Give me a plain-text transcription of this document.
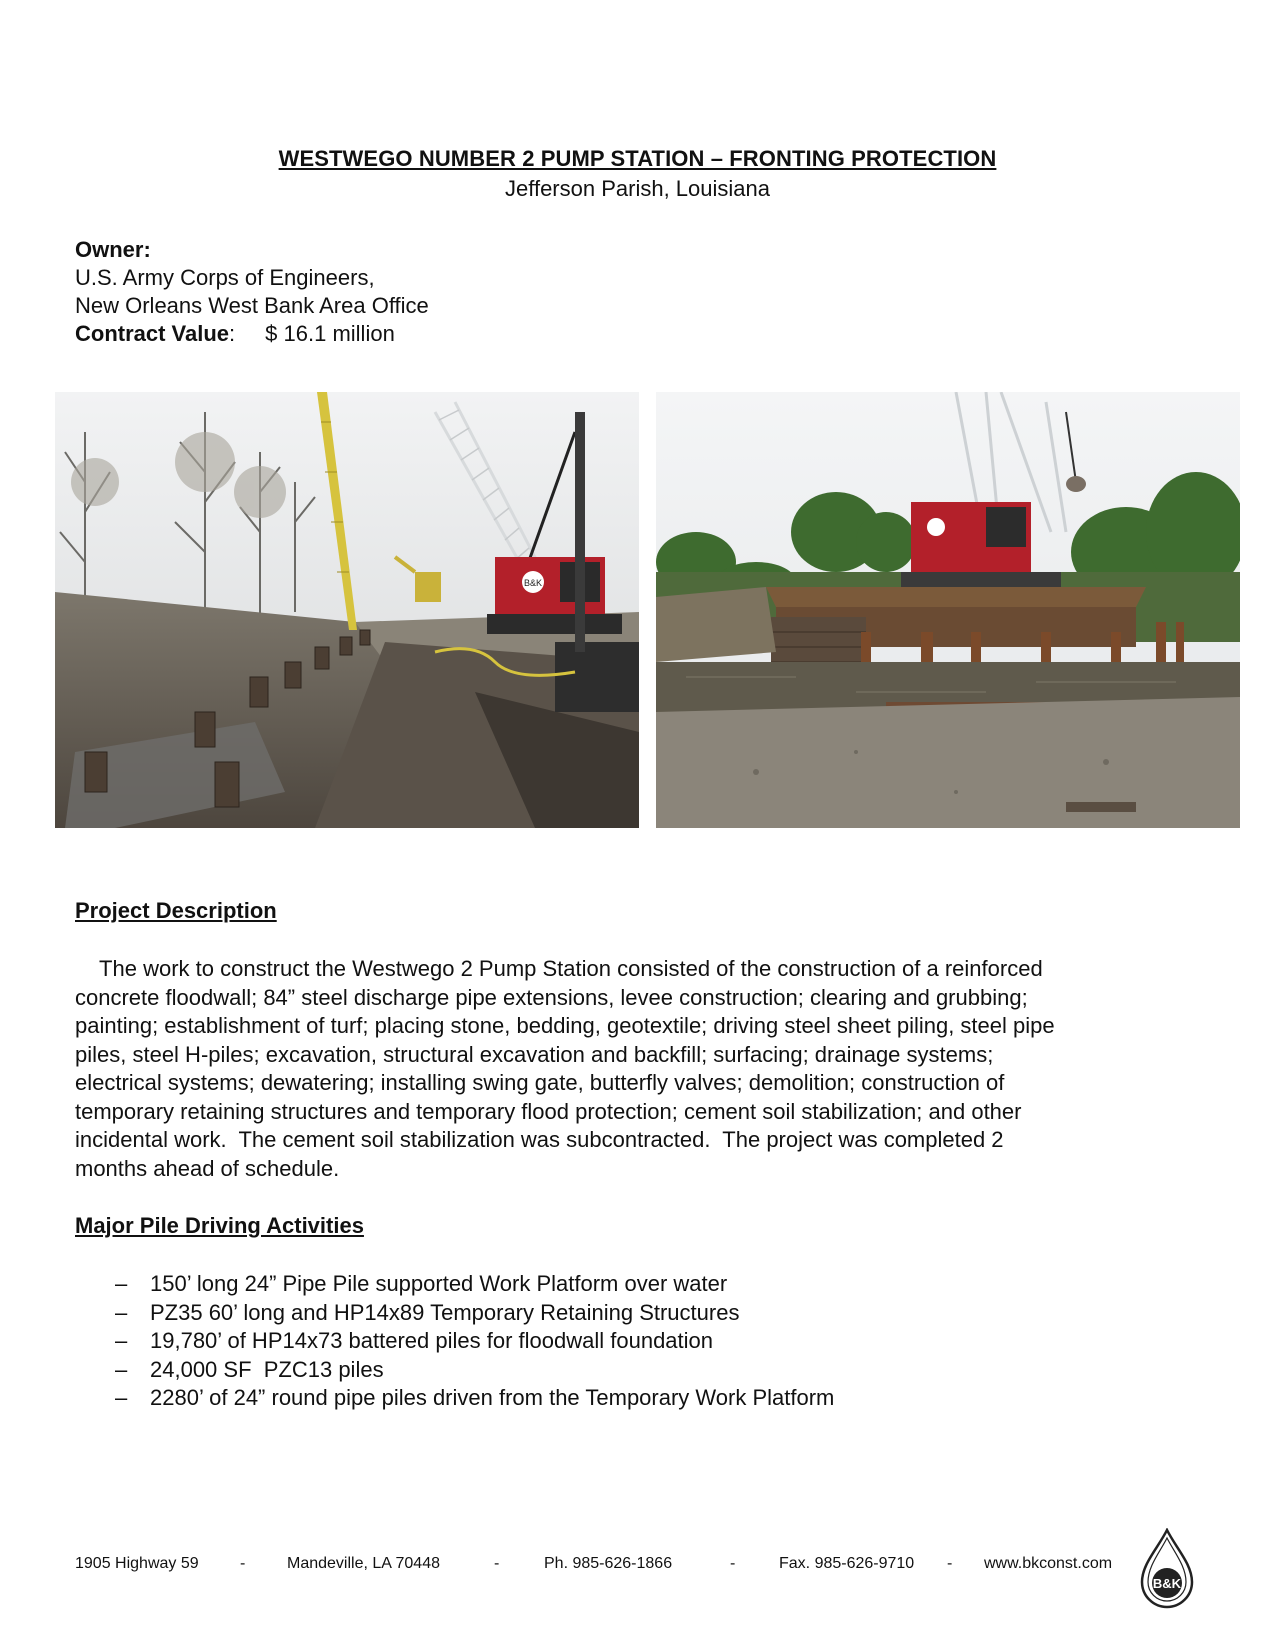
WESTWEGO NUMBER 2 PUMP STATION – FRONTING PROTECTION
Jefferson Parish, Louisiana
Owner:
U.S. Army Corps of Engineers,
New Orleans West Bank Area Office
Contract Value: $ 16.1 million
B&K
Project Description
The work to construct the Westwego 2 Pump Station consisted of the construction of a reinforced
concrete floodwall; 84” steel discharge pipe extensions, levee construction; clearing and grubbing;
painting; establishment of turf; placing stone, bedding, geotextile; driving steel sheet piling, steel pipe
piles, steel H-piles; excavation, structural excavation and backfill; surfacing; drainage systems;
electrical systems; dewatering; installing swing gate, butterfly valves; demolition; construction of
temporary retaining structures and temporary flood protection; cement soil stabilization; and other
incidental work.  The cement soil stabilization was subcontracted.  The project was completed 2
months ahead of schedule.
Major Pile Driving Activities
– 150’ long 24” Pipe Pile supported Work Platform over water
– PZ35 60’ long and HP14x89 Temporary Retaining Structures
– 19,780’ of HP14x73 battered piles for floodwall foundation
– 24,000 SF  PZC13 piles
– 2280’ of 24” round pipe piles driven from the Temporary Work Platform
1905 Highway 59	-	Mandeville, LA 70448	-	Ph. 985-626-1866	-	Fax. 985-626-9710 - www.bkconst.com
B&K
